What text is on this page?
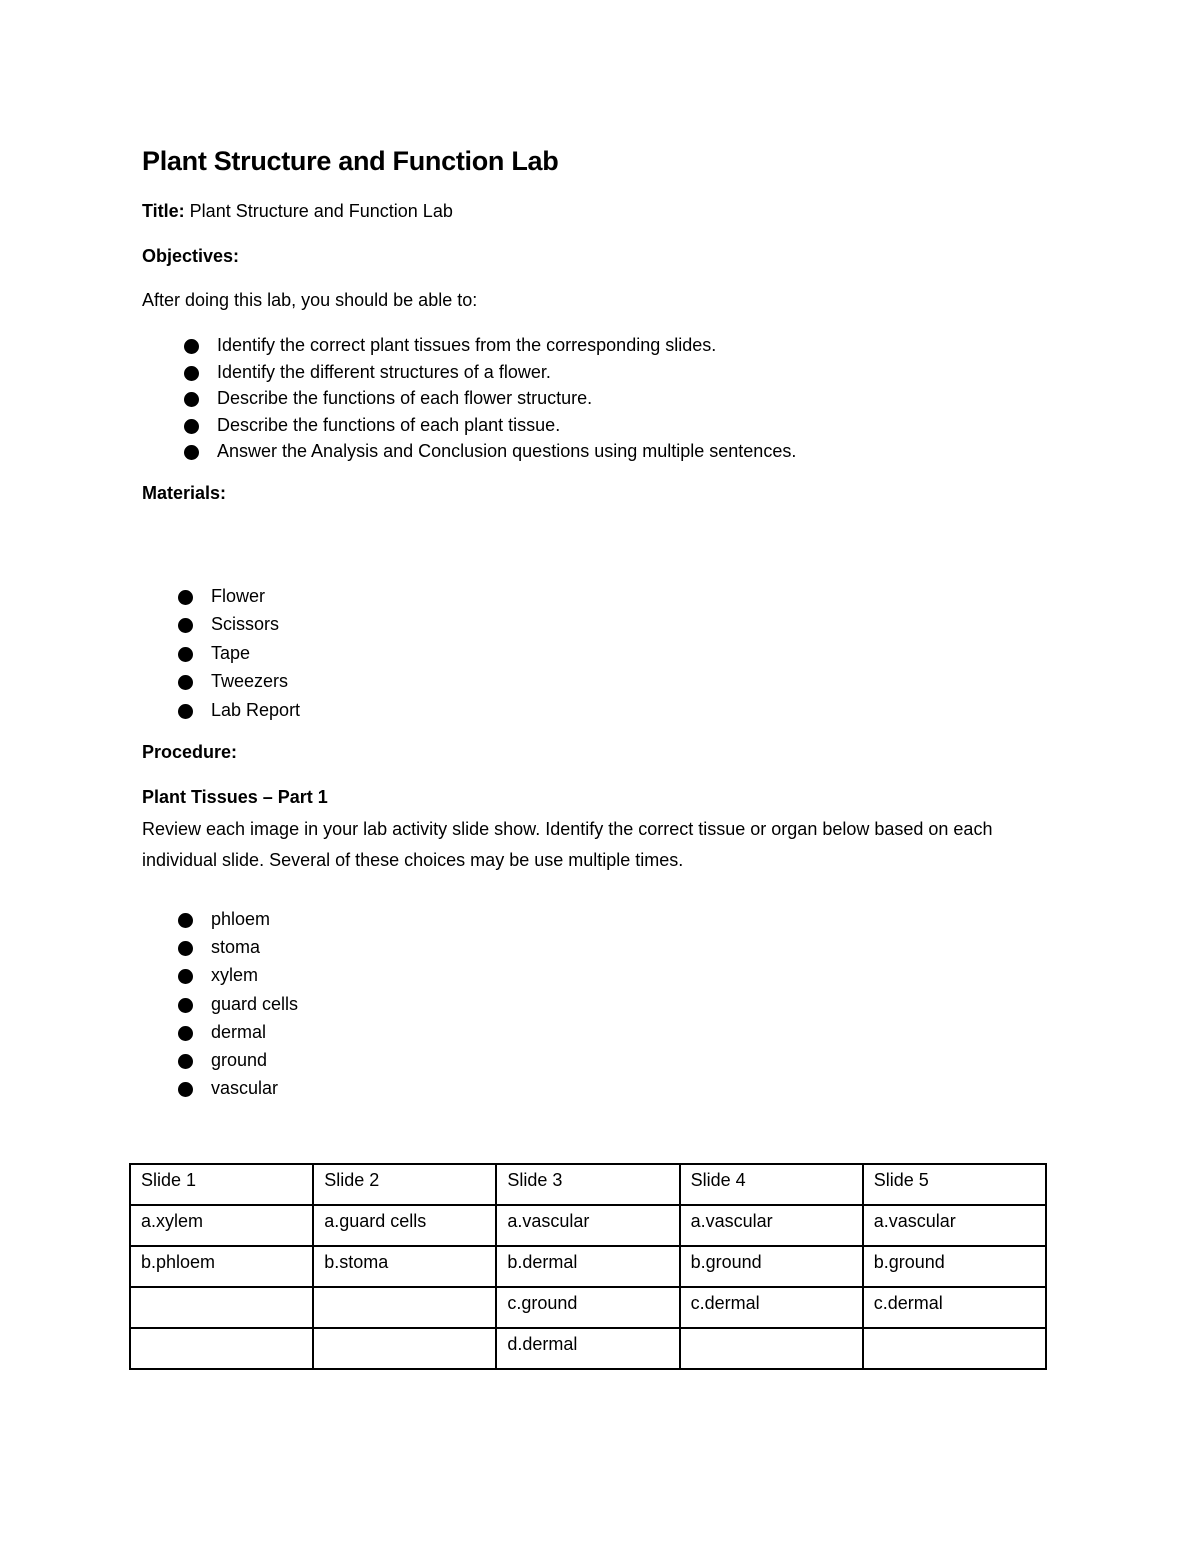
Plant Structure and Function Lab

Title: Plant Structure and Function Lab

Objectives:

After doing this lab, you should be able to:

Identify the correct plant tissues from the corresponding slides.
Identify the different structures of a flower.
Describe the functions of each flower structure.
Describe the functions of each plant tissue.
Answer the Analysis and Conclusion questions using multiple sentences.

Materials:

Flower
Scissors
Tape
Tweezers
Lab Report

Procedure:

Plant Tissues – Part 1

Review each image in your lab activity slide show. Identify the correct tissue or organ below based on each individual slide. Several of these choices may be use multiple times.

phloem
stoma
xylem
guard cells
dermal
ground
vascular
Slide 1	Slide 2	Slide 3	Slide 4	Slide 5
a.xylem	a.guard cells	a.vascular	a.vascular	a.vascular
b.phloem	b.stoma	b.dermal	b.ground	b.ground
		c.ground	c.dermal	c.dermal
		d.dermal		
